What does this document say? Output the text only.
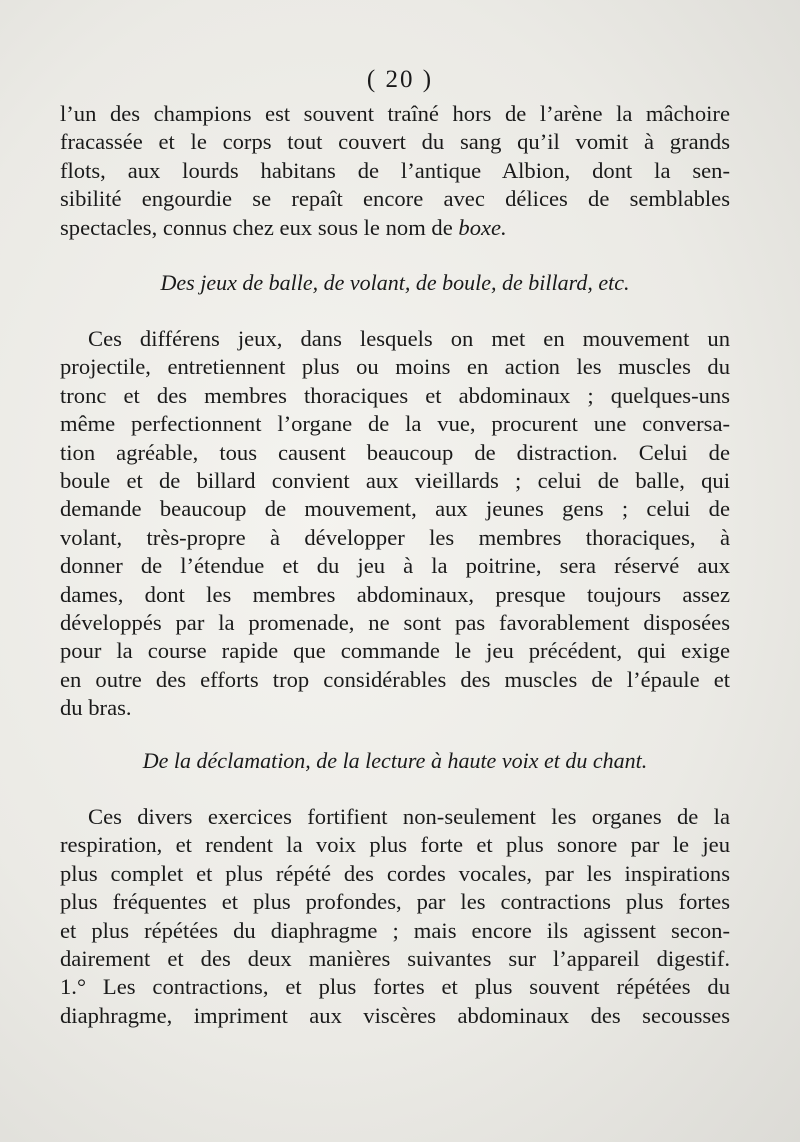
( 20 )
l’un des champions est souvent traîné hors de l’arène la mâchoire
fracassée et le corps tout couvert du sang qu’il vomit à grands
flots, aux lourds habitans de l’antique Albion, dont la sen-
sibilité engourdie se repaît encore avec délices de semblables
spectacles, connus chez eux sous le nom de boxe.
Des jeux de balle, de volant, de boule, de billard, etc.
Ces différens jeux, dans lesquels on met en mouvement un
projectile, entretiennent plus ou moins en action les muscles du
tronc et des membres thoraciques et abdominaux ; quelques-uns
même perfectionnent l’organe de la vue, procurent une conversa-
tion agréable, tous causent beaucoup de distraction. Celui de
boule et de billard convient aux vieillards ; celui de balle, qui
demande beaucoup de mouvement, aux jeunes gens ; celui de
volant, très-propre à développer les membres thoraciques, à
donner de l’étendue et du jeu à la poitrine, sera réservé aux
dames, dont les membres abdominaux, presque toujours assez
développés par la promenade, ne sont pas favorablement disposées
pour la course rapide que commande le jeu précédent, qui exige
en outre des efforts trop considérables des muscles de l’épaule et
du bras.
De la déclamation, de la lecture à haute voix et du chant.
Ces divers exercices fortifient non-seulement les organes de la
respiration, et rendent la voix plus forte et plus sonore par le jeu
plus complet et plus répété des cordes vocales, par les inspirations
plus fréquentes et plus profondes, par les contractions plus fortes
et plus répétées du diaphragme ; mais encore ils agissent secon-
dairement et des deux manières suivantes sur l’appareil digestif.
1.° Les contractions, et plus fortes et plus souvent répétées du
diaphragme, impriment aux viscères abdominaux des secousses
